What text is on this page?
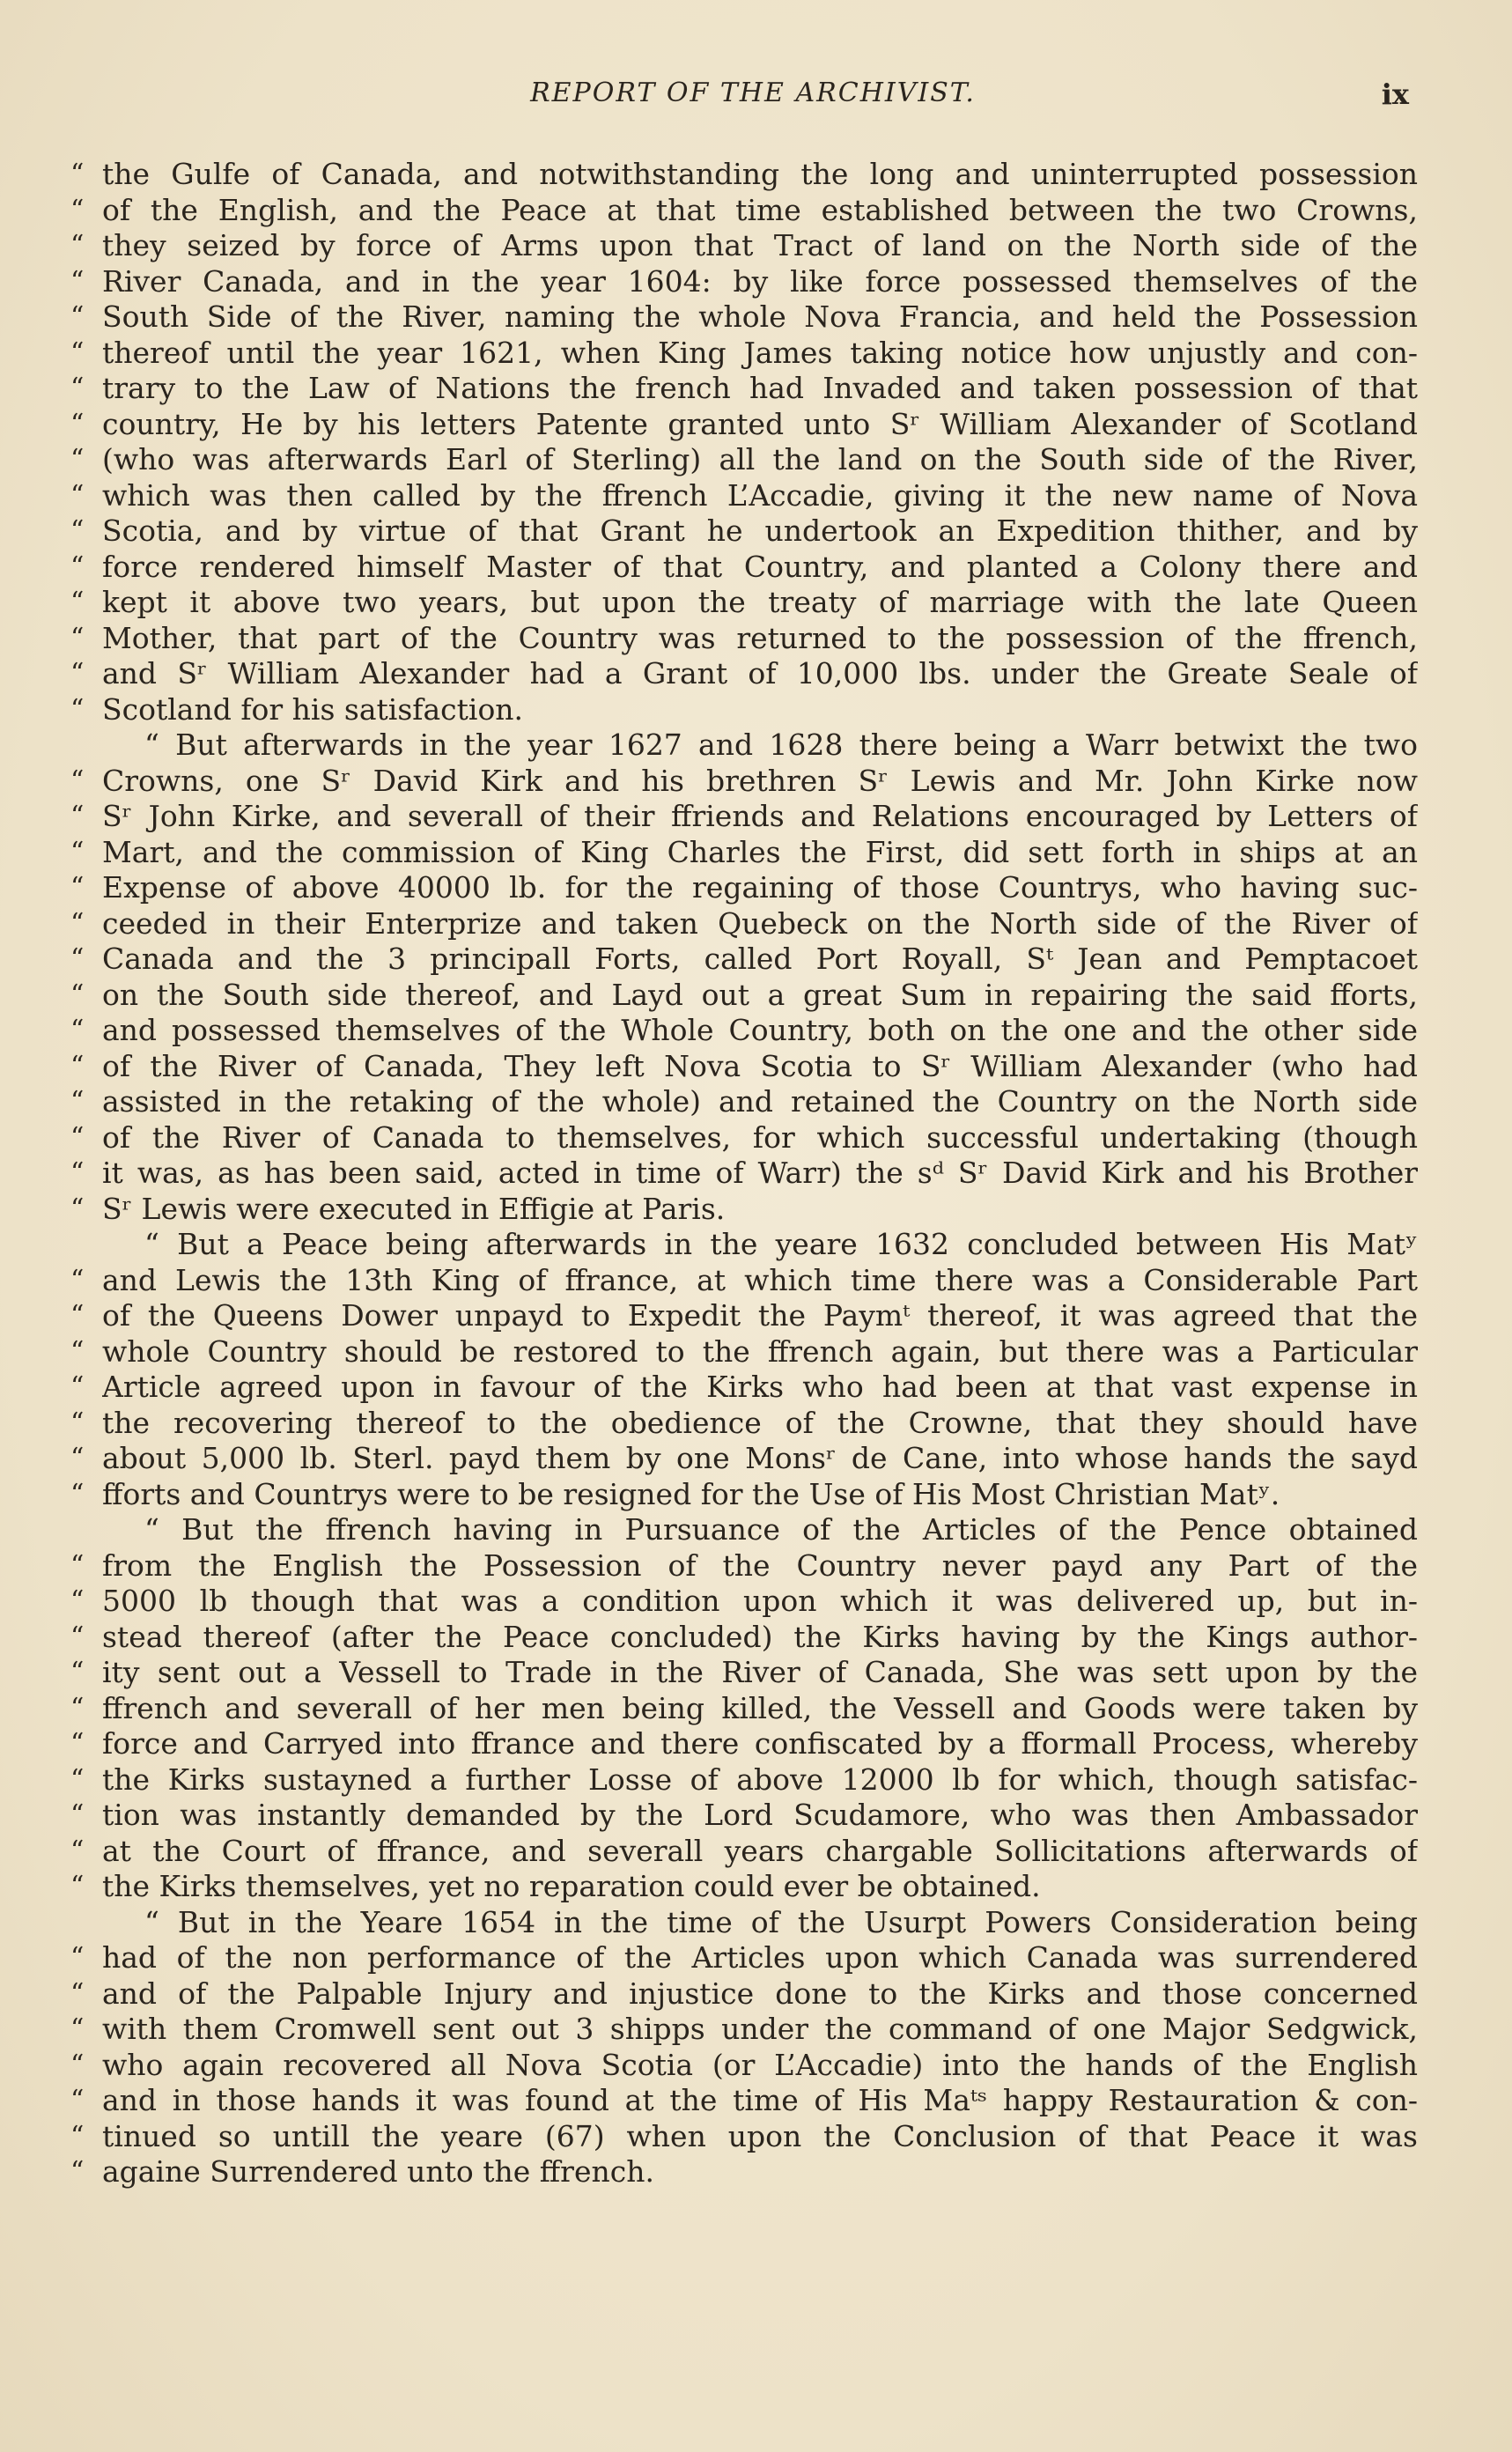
REPORT OF THE ARCHIVIST.	ix
“ the Gulfe of Canada, and notwithstanding the long and uninterrupted possession
“ of the English, and the Peace at that time established between the two Crowns,
“ they seized by force of Arms upon that Tract of land on the North side of the
“ River Canada, and in the year 1604: by like force possessed themselves of the
“ South Side of the River, naming the whole Nova Francia, and held the Possession
“ thereof until the year 1621, when King James taking notice how unjustly and con-
“ trary to the Law of Nations the french had Invaded and taken possession of that
“ country, He by his letters Patente granted unto Sʳ William Alexander of Scotland
“ (who was afterwards Earl of Sterling) all the land on the South side of the River,
“ which was then called by the ffrench L’Accadie, giving it the new name of Nova
“ Scotia, and by virtue of that Grant he undertook an Expedition thither, and by
“ force rendered himself Master of that Country, and planted a Colony there and
“ kept it above two years, but upon the treaty of marriage with the late Queen
“ Mother, that part of the Country was returned to the possession of the ffrench,
“ and Sʳ William Alexander had a Grant of 10,000 lbs. under the Greate Seale of
“ Scotland for his satisfaction.
“ But afterwards in the year 1627 and 1628 there being a Warr betwixt the two
“ Crowns, one Sʳ David Kirk and his brethren Sʳ Lewis and Mr. John Kirke now
“ Sʳ John Kirke, and severall of their ffriends and Relations encouraged by Letters of
“ Mart, and the commission of King Charles the First, did sett forth in ships at an
“ Expense of above 40000 lb. for the regaining of those Countrys, who having suc-
“ ceeded in their Enterprize and taken Quebeck on the North side of the River of
“ Canada and the 3 principall Forts, called Port Royall, Sᵗ Jean and Pemptacoet
“ on the South side thereof, and Layd out a great Sum in repairing the said fforts,
“ and possessed themselves of the Whole Country, both on the one and the other side
“ of the River of Canada, They left Nova Scotia to Sʳ William Alexander (who had
“ assisted in the retaking of the whole) and retained the Country on the North side
“ of the River of Canada to themselves, for which successful undertaking (though
“ it was, as has been said, acted in time of Warr) the sᵈ Sʳ David Kirk and his Brother
“ Sʳ Lewis were executed in Effigie at Paris.
“ But a Peace being afterwards in the yeare 1632 concluded between His Matʸ
“ and Lewis the 13th King of ffrance, at which time there was a Considerable Part
“ of the Queens Dower unpayd to Expedit the Paymᵗ thereof, it was agreed that the
“ whole Country should be restored to the ffrench again, but there was a Particular
“ Article agreed upon in favour of the Kirks who had been at that vast expense in
“ the recovering thereof to the obedience of the Crowne, that they should have
“ about 5,000 lb. Sterl. payd them by one Monsʳ de Cane, into whose hands the sayd
“ fforts and Countrys were to be resigned for the Use of His Most Christian Matʸ.
“ But the ffrench having in Pursuance of the Articles of the Pence obtained
“ from the English the Possession of the Country never payd any Part of the
“ 5000 lb though that was a condition upon which it was delivered up, but in-
“ stead thereof (after the Peace concluded) the Kirks having by the Kings author-
“ ity sent out a Vessell to Trade in the River of Canada, She was sett upon by the
“ ffrench and severall of her men being killed, the Vessell and Goods were taken by
“ force and Carryed into ffrance and there confiscated by a fformall Process, whereby
“ the Kirks sustayned a further Losse of above 12000 lb for which, though satisfac-
“ tion was instantly demanded by the Lord Scudamore, who was then Ambassador
“ at the Court of ffrance, and severall years chargable Sollicitations afterwards of
“ the Kirks themselves, yet no reparation could ever be obtained.
“ But in the Yeare 1654 in the time of the Usurpt Powers Consideration being
“ had of the non performance of the Articles upon which Canada was surrendered
“ and of the Palpable Injury and injustice done to the Kirks and those concerned
“ with them Cromwell sent out 3 shipps under the command of one Major Sedgwick,
“ who again recovered all Nova Scotia (or L’Accadie) into the hands of the English
“ and in those hands it was found at the time of His Maᵗˢ happy Restauration & con-
“ tinued so untill the yeare (67) when upon the Conclusion of that Peace it was
“ againe Surrendered unto the ffrench.
